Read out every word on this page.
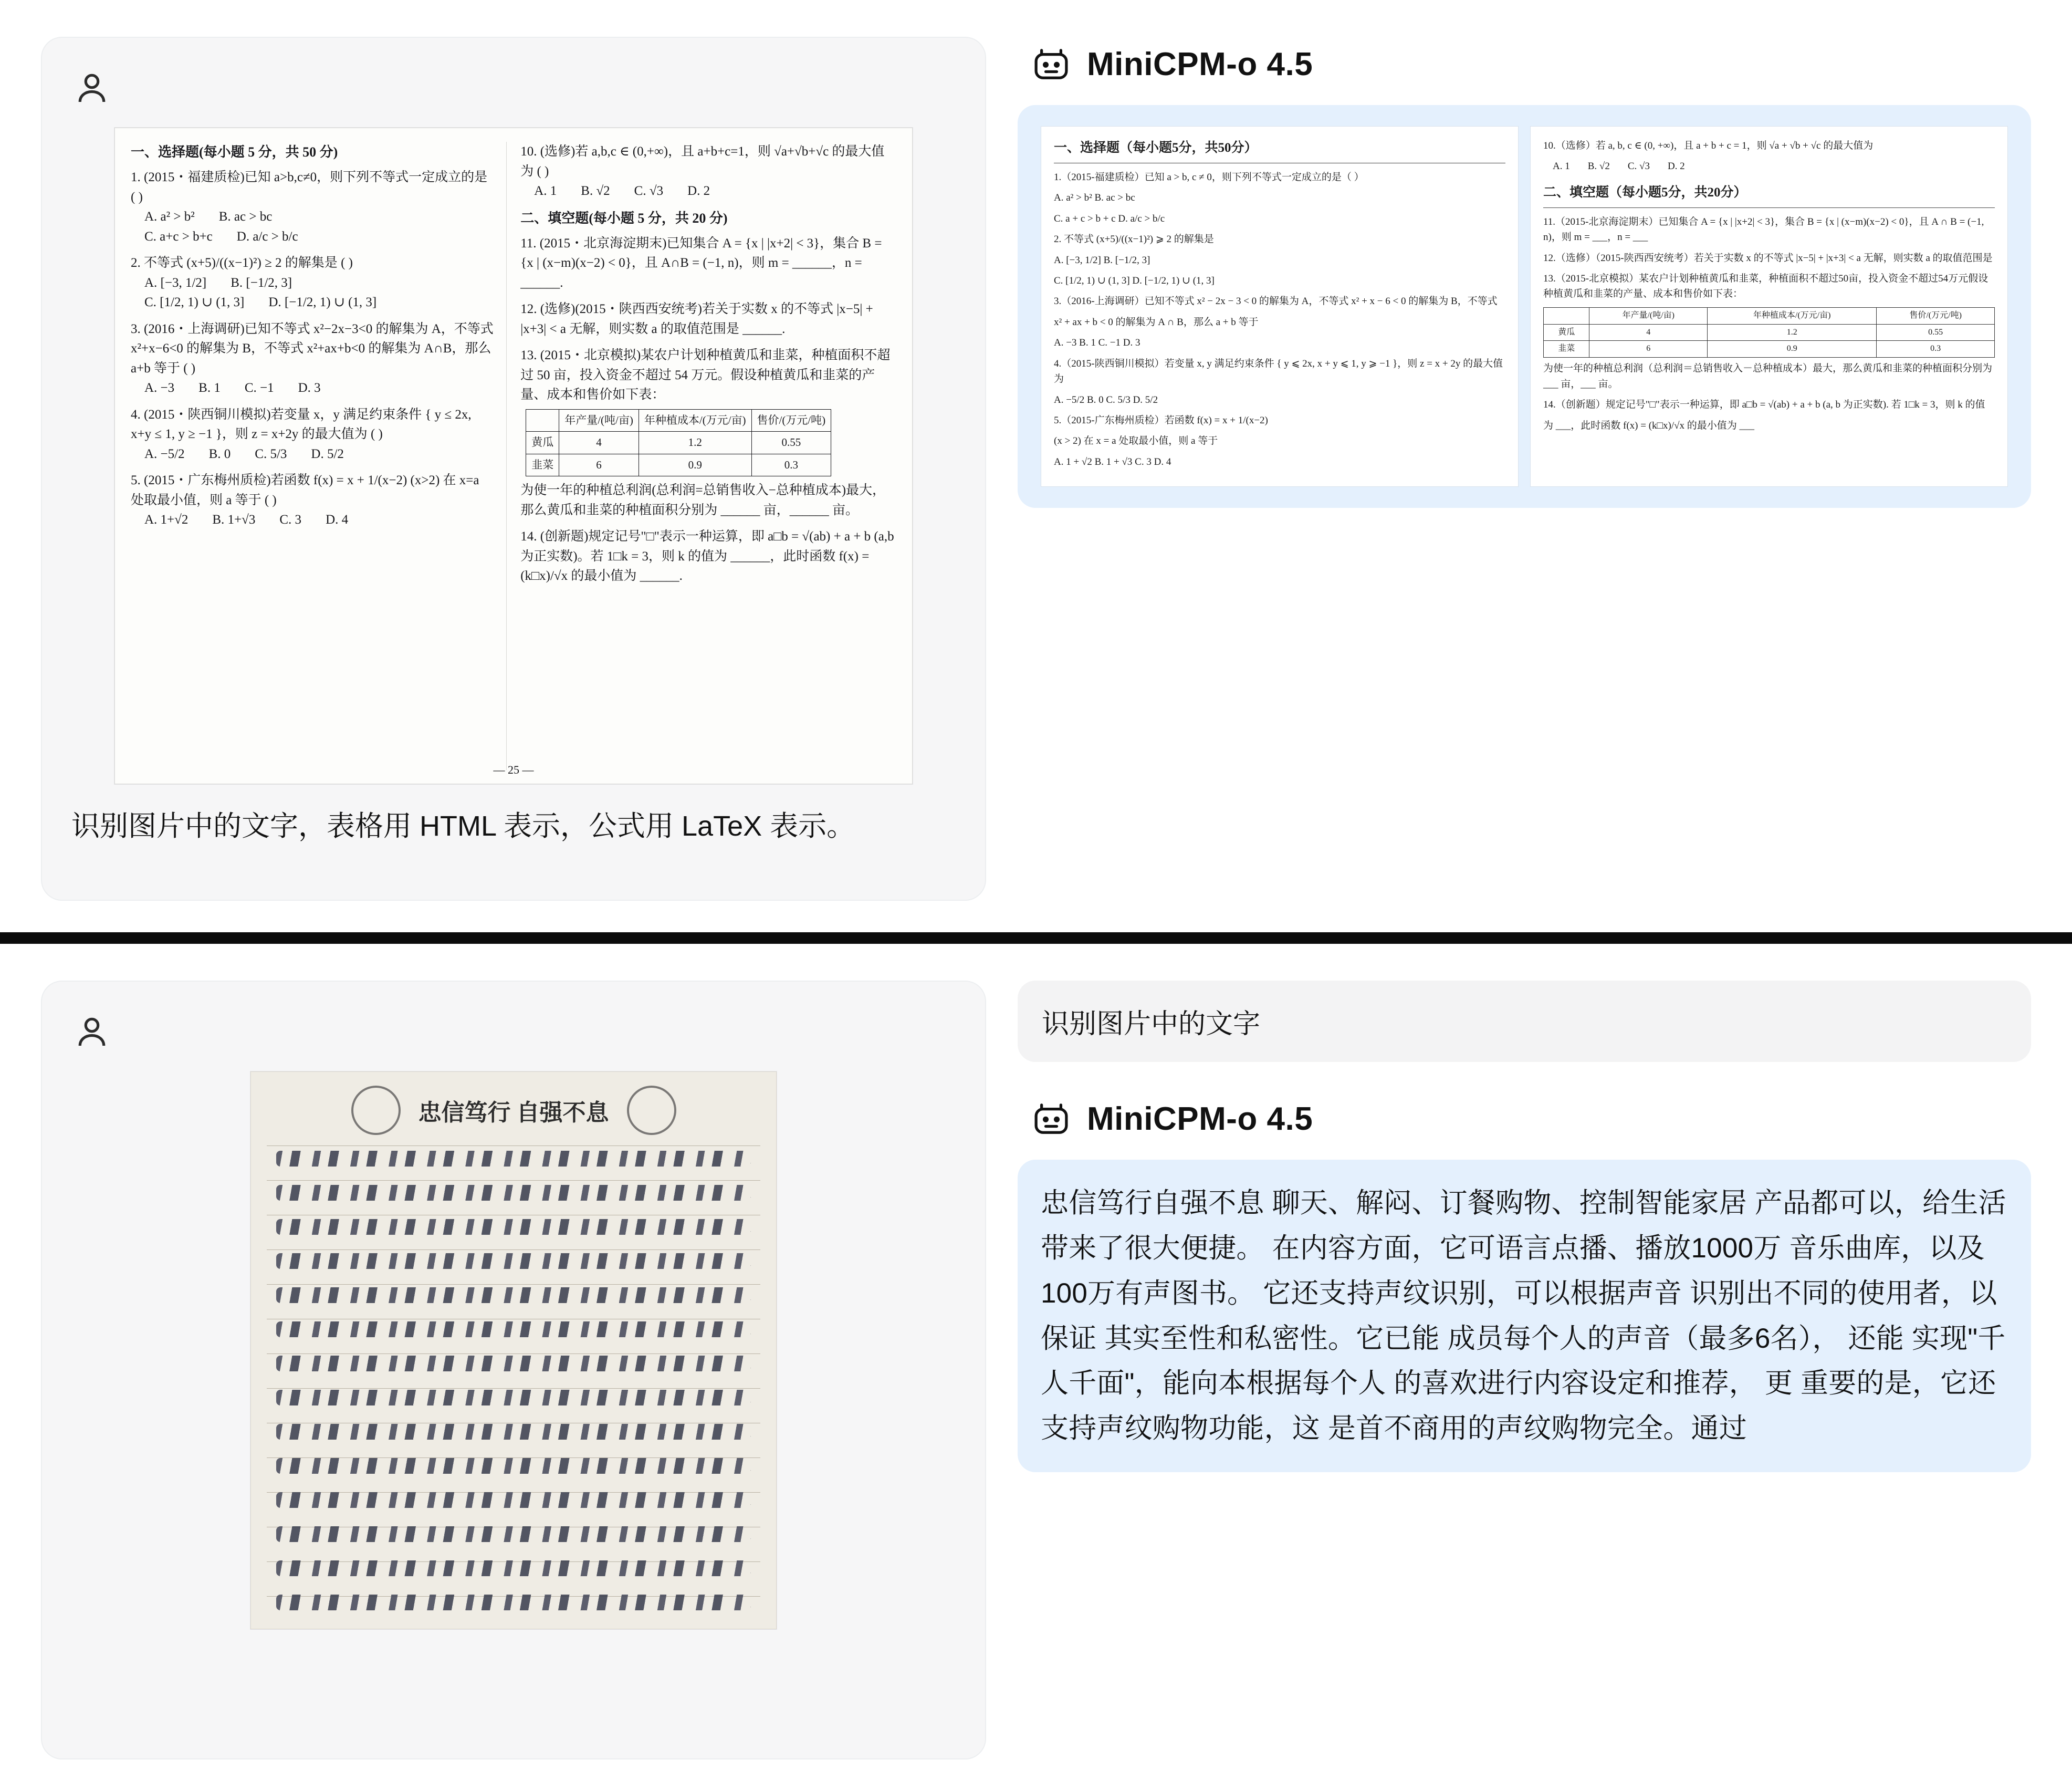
一、选择题(每小题 5 分，共 50 分)
1. (2015・福建质检)已知 a>b,c≠0，则下列不等式一定成立的是 ( )
A. a² > b² B. ac > bc
C. a+c > b+c D. a/c > b/c
2. 不等式 (x+5)/((x−1)²) ≥ 2 的解集是 ( )
A. [−3, 1/2] B. [−1/2, 3]
C. [1/2, 1) ∪ (1, 3] D. [−1/2, 1) ∪ (1, 3]
3. (2016・上海调研)已知不等式 x²−2x−3<0 的解集为 A，不等式 x²+x−6<0 的解集为 B，不等式 x²+ax+b<0 的解集为 A∩B，那么 a+b 等于 ( )
A. −3 B. 1 C. −1 D. 3
4. (2015・陕西铜川模拟)若变量 x，y 满足约束条件 { y ≤ 2x, x+y ≤ 1, y ≥ −1 }，则 z = x+2y 的最大值为 ( )
A. −5/2 B. 0 C. 5/3 D. 5/2
5. (2015・广东梅州质检)若函数 f(x) = x + 1/(x−2) (x>2) 在 x=a 处取最小值，则 a 等于 ( )
A. 1+√2 B. 1+√3 C. 3 D. 4
10. (选修)若 a,b,c ∈ (0,+∞)，且 a+b+c=1，则 √a+√b+√c 的最大值为 ( )
A. 1 B. √2 C. √3 D. 2
二、填空题(每小题 5 分，共 20 分)
11. (2015・北京海淀期末)已知集合 A = {x | |x+2| < 3}，集合 B = {x | (x−m)(x−2) < 0}，且 A∩B = (−1, n)，则 m = ______，n = ______.
12. (选修)(2015・陕西西安统考)若关于实数 x 的不等式 |x−5| + |x+3| < a 无解，则实数 a 的取值范围是 ______.
13. (2015・北京模拟)某农户计划种植黄瓜和韭菜，种植面积不超过 50 亩，投入资金不超过 54 万元。假设种植黄瓜和韭菜的产量、成本和售价如下表：
	年产量/(吨/亩)	年种植成本/(万元/亩)	售价/(万元/吨)
黄瓜	4	1.2	0.55
韭菜	6	0.9	0.3
为使一年的种植总利润(总利润=总销售收入−总种植成本)最大，那么黄瓜和韭菜的种植面积分别为 ______ 亩，______ 亩。
14. (创新题)规定记号"□"表示一种运算，即 a□b = √(ab) + a + b (a,b 为正实数)。若 1□k = 3，则 k 的值为 ______，此时函数 f(x) = (k□x)/√x 的最小值为 ______.
— 25 —
识别图片中的文字，表格用 HTML 表示，公式用 LaTeX 表示。
MiniCPM-o 4.5
一、选择题（每小题5分，共50分）
1.（2015-福建质检）已知 a > b, c ≠ 0，则下列不等式一定成立的是（ ）
A. a² > b² B. ac > bc
C. a + c > b + c D. a/c > b/c
2. 不等式 (x+5)/((x−1)²) ⩾ 2 的解集是
A. [−3, 1/2] B. [−1/2, 3]
C. [1/2, 1) ∪ (1, 3] D. [−1/2, 1) ∪ (1, 3]
3.（2016-上海调研）已知不等式 x² − 2x − 3 < 0 的解集为 A，不等式 x² + x − 6 < 0 的解集为 B，不等式
x² + ax + b < 0 的解集为 A ∩ B，那么 a + b 等于
A. −3 B. 1 C. −1 D. 3
4.（2015-陕西铜川模拟）若变量 x, y 满足约束条件 { y ⩽ 2x, x + y ⩽ 1, y ⩾ −1 }，则 z = x + 2y 的最大值为
A. −5/2 B. 0 C. 5/3 D. 5/2
5.（2015-广东梅州质检）若函数 f(x) = x + 1/(x−2)
(x > 2) 在 x = a 处取最小值，则 a 等于
A. 1 + √2 B. 1 + √3 C. 3 D. 4
10.（选修）若 a, b, c ∈ (0, +∞)，且 a + b + c = 1，则 √a + √b + √c 的最大值为
A. 1 B. √2 C. √3 D. 2
二、填空题（每小题5分，共20分）
11.（2015-北京海淀期末）已知集合 A = {x | |x+2| < 3}，集合 B = {x | (x−m)(x−2) < 0}，且 A ∩ B = (−1, n)，则 m = ___，n = ___
12.（选修）（2015-陕西西安统考）若关于实数 x 的不等式 |x−5| + |x+3| < a 无解，则实数 a 的取值范围是
13.（2015-北京模拟）某农户计划种植黄瓜和韭菜，种植面积不超过50亩，投入资金不超过54万元假设种植黄瓜和韭菜的产量、成本和售价如下表：
	年产量/(吨/亩)	年种植成本/(万元/亩)	售价/(万元/吨)
黄瓜	4	1.2	0.55
韭菜	6	0.9	0.3
为使一年的种植总利润（总利润＝总销售收入－总种植成本）最大，那么黄瓜和韭菜的种植面积分别为 ___ 亩，___ 亩。
14.（创新题）规定记号"□"表示一种运算，即 a□b = √(ab) + a + b (a, b 为正实数). 若 1□k = 3，则 k 的值
为 ___，此时函数 f(x) = (k□x)/√x 的最小值为 ___
忠信笃行 自强不息
识别图片中的文字
MiniCPM-o 4.5
忠信笃行自强不息 聊天、解闷、订餐购物、控制智能家居 产品都可以，给生活带来了很大便捷。 在内容方面，它可语言点播、播放1000万 音乐曲库，以及100万有声图书。 它还支持声纹识别，可以根据声音 识别出不同的使用者，以保证 其实至性和私密性。它已能 成员每个人的声音（最多6名）， 还能 实现"千人千面"，能向本根据每个人 的喜欢进行内容设定和推荐， 更 重要的是，它还支持声纹购物功能，这 是首不商用的声纹购物完全。通过
